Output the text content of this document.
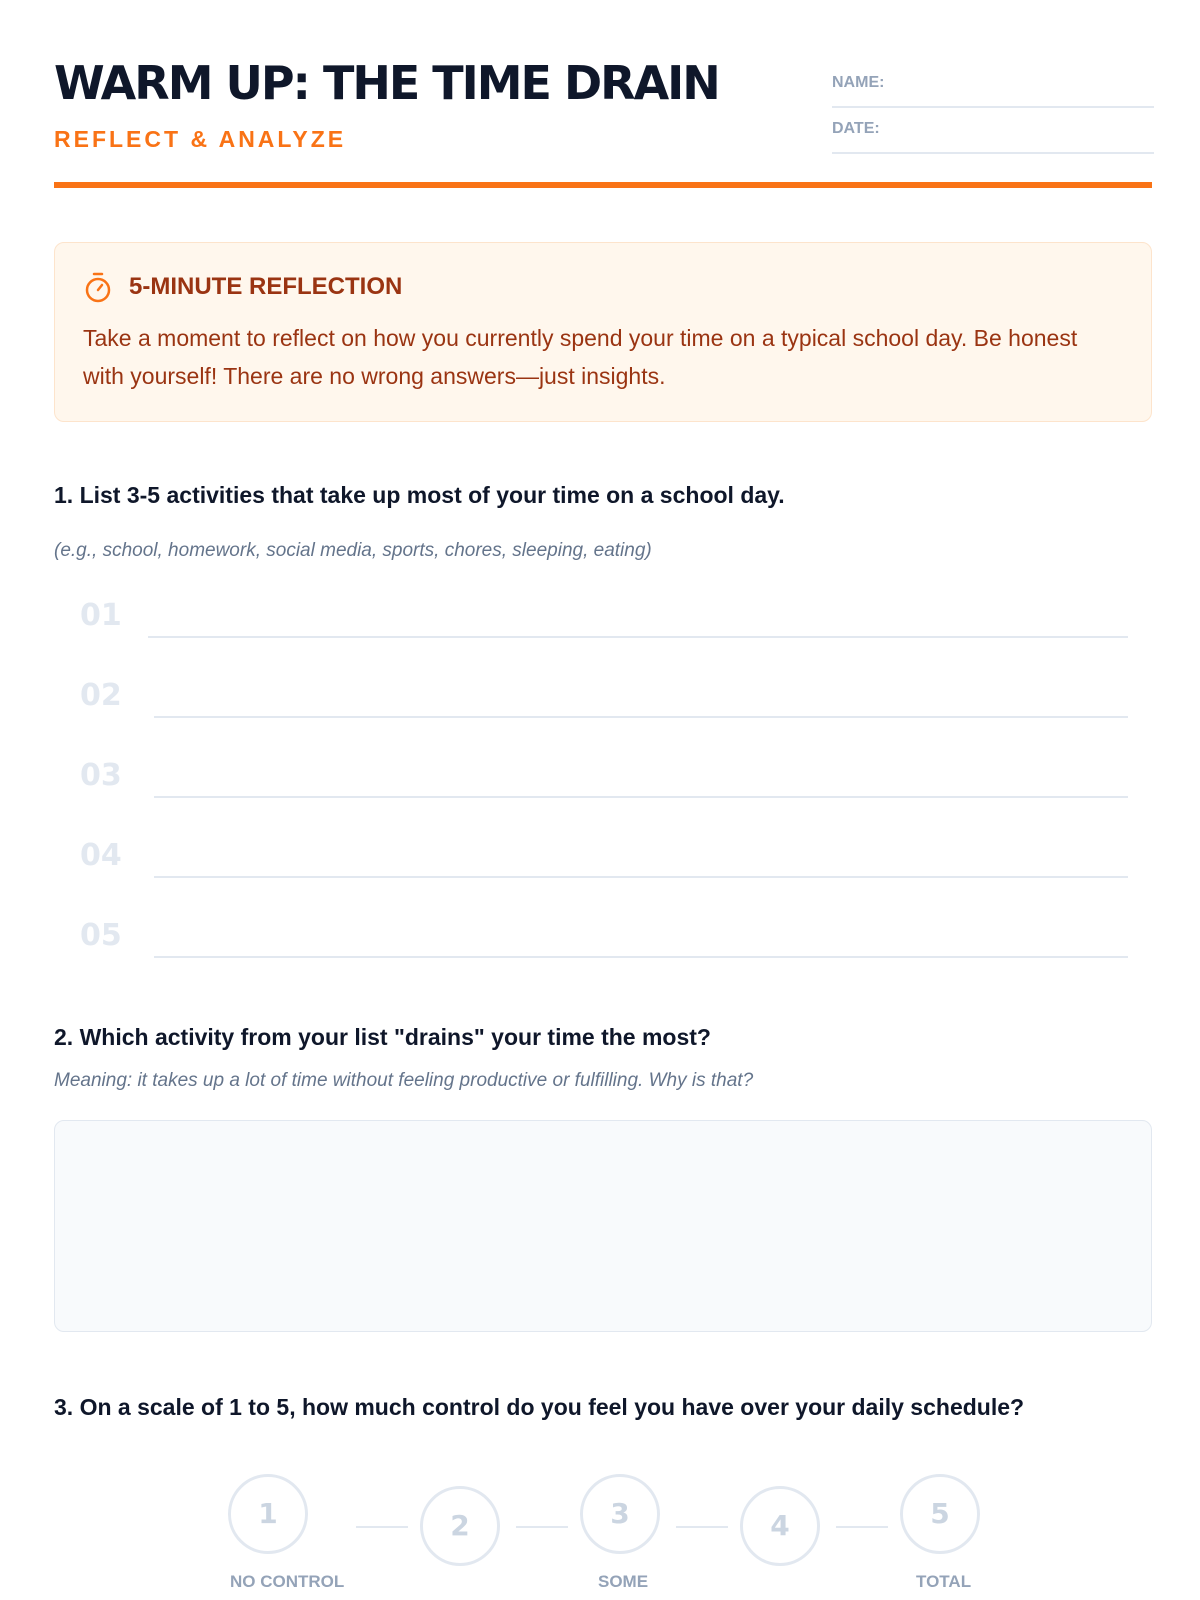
WARM UP: THE TIME DRAIN
REFLECT & ANALYZE
NAME:
DATE:
5-MINUTE REFLECTION
Take a moment to reflect on how you currently spend your time on a typical school day. Be honest with yourself! There are no wrong answers—just insights.
1. List 3-5 activities that take up most of your time on a school day.
(e.g., school, homework, social media, sports, chores, sleeping, eating)
01
02
03
04
05
2. Which activity from your list "drains" your time the most?
Meaning: it takes up a lot of time without feeling productive or fulfilling. Why is that?
3. On a scale of 1 to 5, how much control do you feel you have over your daily schedule?
1	2	3	4	5
NO CONTROL	SOME	TOTAL
